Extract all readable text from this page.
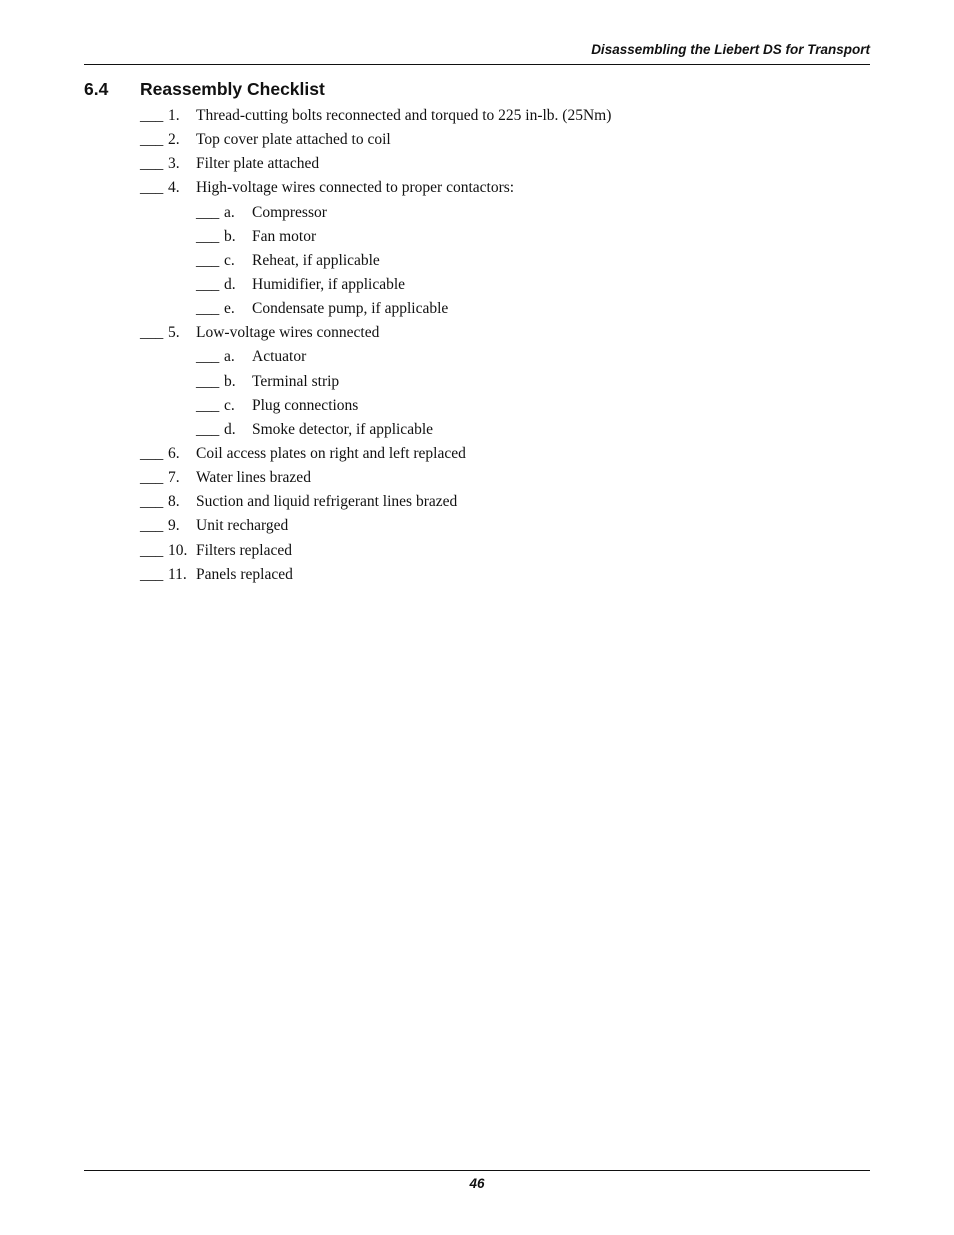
Disassembling the Liebert DS for Transport
6.4 Reassembly Checklist
___ 1.	Thread-cutting bolts reconnected and torqued to 225 in-lb. (25Nm)
___ 2.	Top cover plate attached to coil
___ 3.	Filter plate attached
___ 4.	High-voltage wires connected to proper contactors:
___ a.	Compressor
___ b.	Fan motor
___ c.	Reheat, if applicable
___ d.	Humidifier, if applicable
___ e.	Condensate pump, if applicable
___ 5.	Low-voltage wires connected
___ a.	Actuator
___ b.	Terminal strip
___ c.	Plug connections
___ d.	Smoke detector, if applicable
___ 6.	Coil access plates on right and left replaced
___ 7.	Water lines brazed
___ 8.	Suction and liquid refrigerant lines brazed
___ 9.	Unit recharged
___ 10. Filters replaced
___ 11. Panels replaced
46
